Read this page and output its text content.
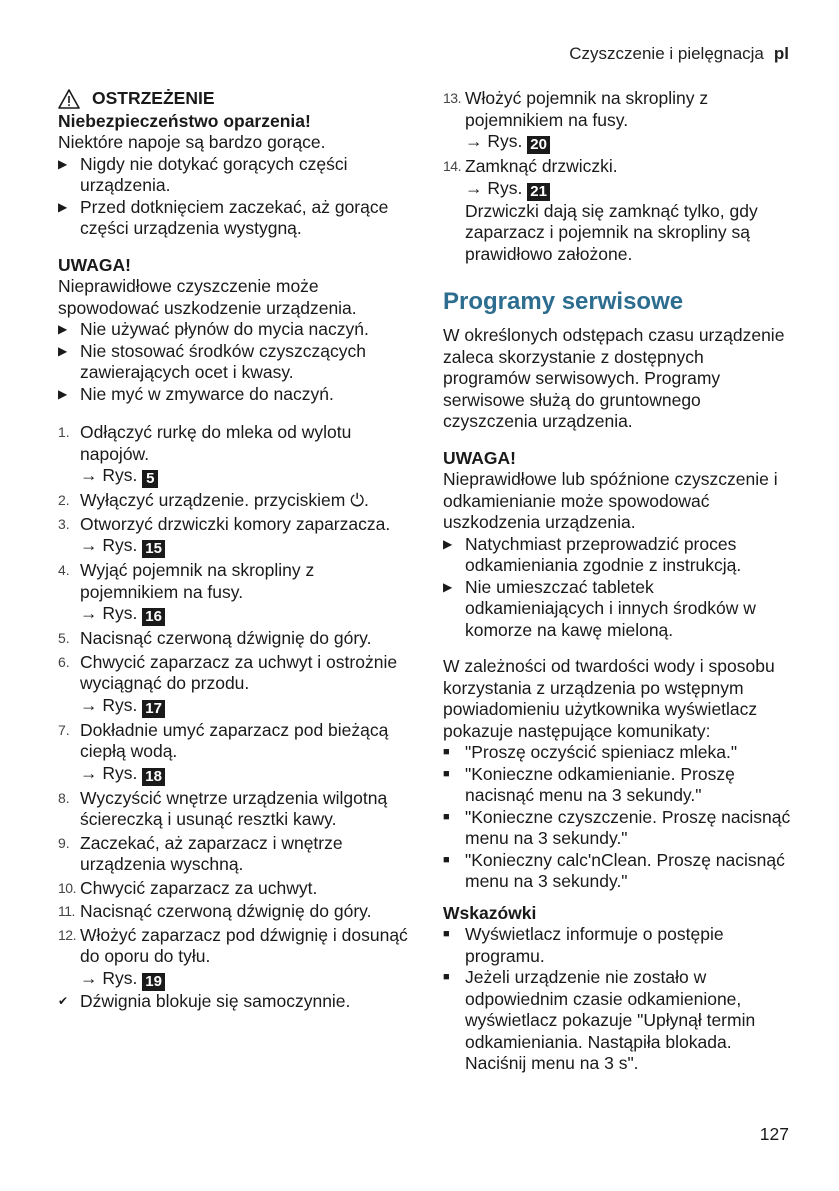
Czyszczenie i pielęgnacja pl
OSTRZEŻENIE

Niebezpieczeństwo oparzenia!

Niektóre napoje są bardzo gorące.

▶ Nigdy nie dotykać gorących części urządzenia.
▶ Przed dotknięciem zaczekać, aż gorące części urządzenia wystygną.

UWAGA!

Nieprawidłowe czyszczenie może spowodować uszkodzenie urządzenia.

▶ Nie używać płynów do mycia naczyń.
▶ Nie stosować środków czyszczących zawierających ocet i kwasy.
▶ Nie myć w zmywarce do naczyń.
1. Odłączyć rurkę do mleka od wylotu napojów.
→ Rys. 5
2. Wyłączyć urządzenie. przyciskiem ⏻.
3. Otworzyć drzwiczki komory zaparzacza.
→ Rys. 15
4. Wyjąć pojemnik na skropliny z pojemnikiem na fusy.
→ Rys. 16
5. Nacisnąć czerwoną dźwignię do góry.
6. Chwycić zaparzacz za uchwyt i ostrożnie wyciągnąć do przodu.
→ Rys. 17
7. Dokładnie umyć zaparzacz pod bieżącą ciepłą wodą.
→ Rys. 18
8. Wyczyścić wnętrze urządzenia wilgotną ściereczką i usunąć resztki kawy.
9. Zaczekać, aż zaparzacz i wnętrze urządzenia wyschną.
10. Chwycić zaparzacz za uchwyt.
11. Nacisnąć czerwoną dźwignię do góry.
12. Włożyć zaparzacz pod dźwignię i dosunąć do oporu do tyłu.
→ Rys. 19
✔ Dźwignia blokuje się samoczynnie.
13. Włożyć pojemnik na skropliny z pojemnikiem na fusy.
→ Rys. 20
14. Zamknąć drzwiczki.
→ Rys. 21
Drzwiczki dają się zamknąć tylko, gdy zaparzacz i pojemnik na skropliny są prawidłowo założone.
Programy serwisowe

W określonych odstępach czasu urządzenie zaleca skorzystanie z dostępnych programów serwisowych. Programy serwisowe służą do gruntownego czyszczenia urządzenia.

UWAGA!

Nieprawidłowe lub spóźnione czyszczenie i odkamienianie może spowodować uszkodzenia urządzenia.

▶ Natychmiast przeprowadzić proces odkamieniania zgodnie z instrukcją.
▶ Nie umieszczać tabletek odkamieniających i innych środków w komorze na kawę mieloną.

W zależności od twardości wody i sposobu korzystania z urządzenia po wstępnym powiadomieniu użytkownika wyświetlacz pokazuje następujące komunikaty:

■ "Proszę oczyścić spieniacz mleka."
■ "Konieczne odkamienianie. Proszę nacisnąć menu na 3 sekundy."
■ "Konieczne czyszczenie. Proszę nacisnąć menu na 3 sekundy."
■ "Konieczny calc'nClean. Proszę nacisnąć menu na 3 sekundy."

Wskazówki

■ Wyświetlacz informuje o postępie programu.
■ Jeżeli urządzenie nie zostało w odpowiednim czasie odkamienione, wyświetlacz pokazuje "Upłynął termin odkamieniania. Nastąpiła blokada. Naciśnij menu na 3 s".
127
